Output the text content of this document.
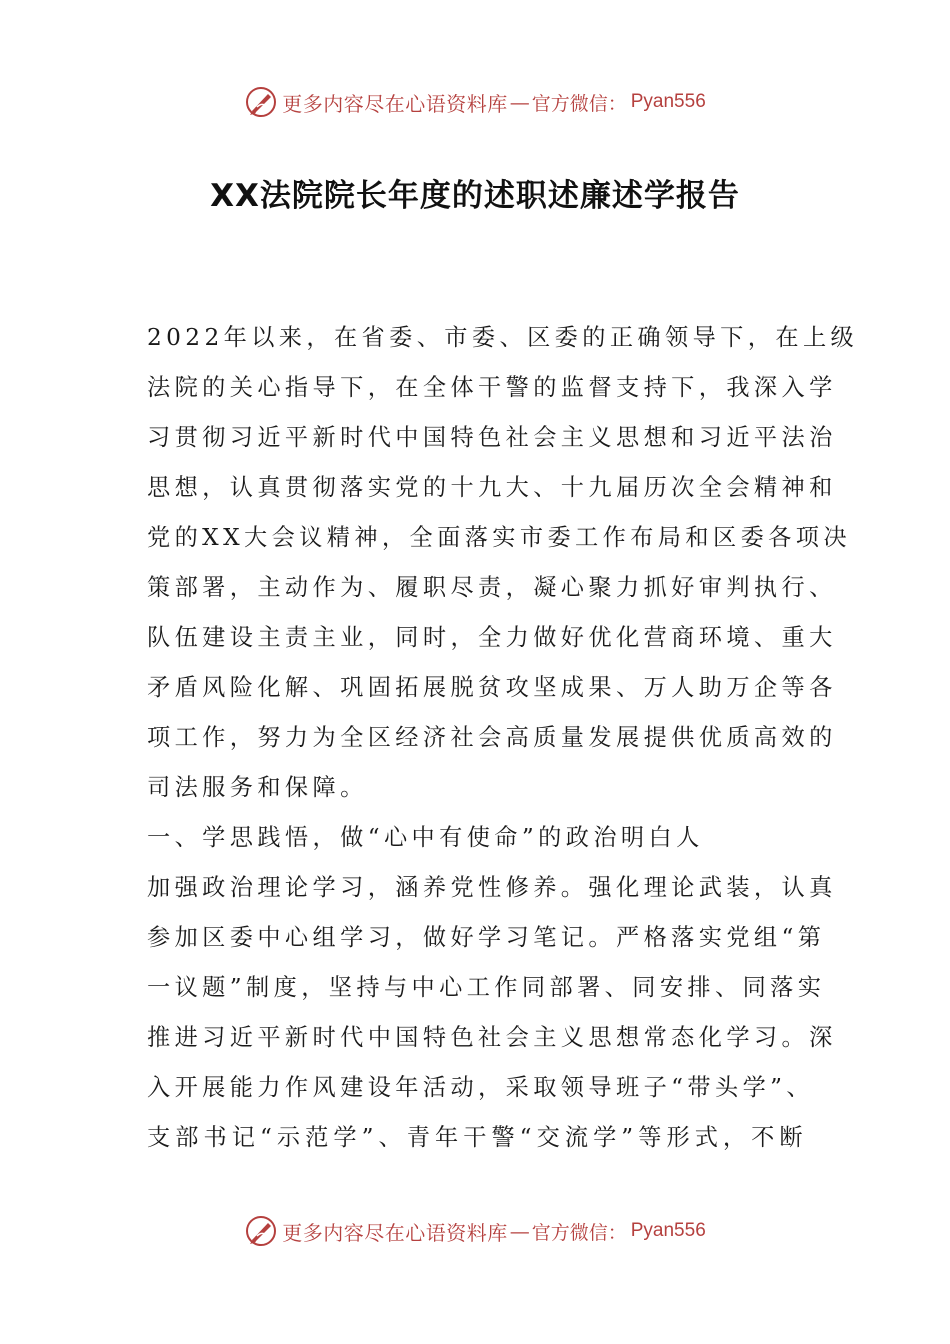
更多内容尽在心语资料库 — 官方微信： Pyan556
XX法院院长年度的述职述廉述学报告
2022年以来，在省委、市委、区委的正确领导下，在上级
法院的关心指导下，在全体干警的监督支持下，我深入学
习贯彻习近平新时代中国特色社会主义思想和习近平法治
思想，认真贯彻落实党的十九大、十九届历次全会精神和
党的XX大会议精神，全面落实市委工作布局和区委各项决
策部署，主动作为、履职尽责，凝心聚力抓好审判执行、
队伍建设主责主业，同时，全力做好优化营商环境、重大
矛盾风险化解、巩固拓展脱贫攻坚成果、万人助万企等各
项工作，努力为全区经济社会高质量发展提供优质高效的
司法服务和保障。
一、学思践悟，做“心中有使命”的政治明白人
加强政治理论学习，涵养党性修养。强化理论武装，认真
参加区委中心组学习，做好学习笔记。严格落实党组“第
一议题”制度，坚持与中心工作同部署、同安排、同落实
推进习近平新时代中国特色社会主义思想常态化学习。深
入开展能力作风建设年活动，采取领导班子“带头学”、
支部书记“示范学”、青年干警“交流学”等形式，不断
更多内容尽在心语资料库 — 官方微信： Pyan556
